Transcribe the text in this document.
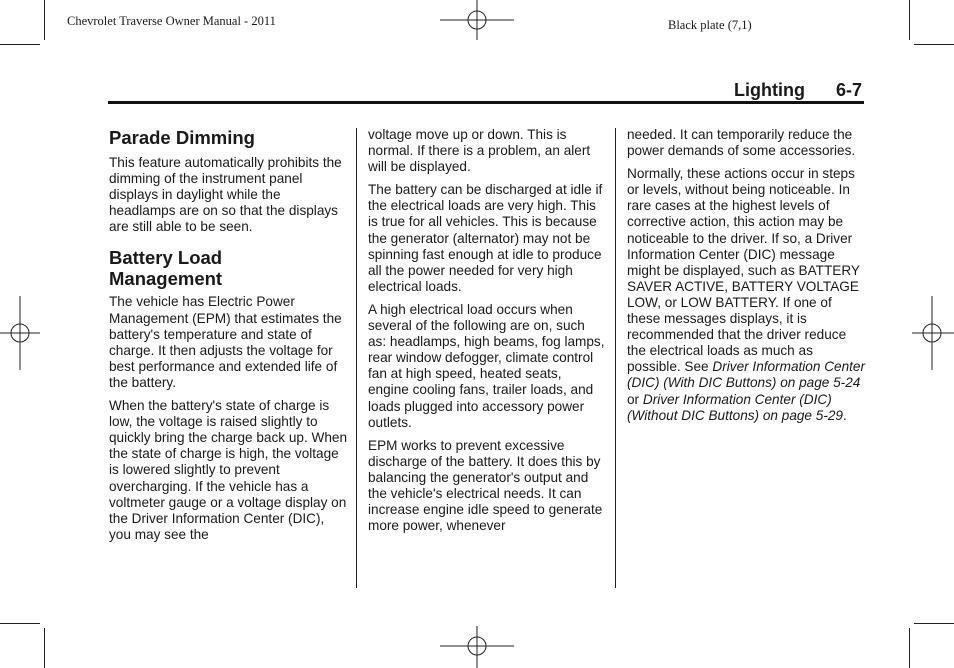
Chevrolet Traverse Owner Manual - 2011	Black plate (7,1)
Lighting 6-7
Parade Dimming

This feature automatically prohibits the dimming of the instrument panel displays in daylight while the headlamps are on so that the displays are still able to be seen.

Battery Load
Management

The vehicle has Electric Power Management (EPM) that estimates the battery's temperature and state of charge. It then adjusts the voltage for best performance and extended life of the battery.

When the battery's state of charge is low, the voltage is raised slightly to quickly bring the charge back up. When the state of charge is high, the voltage is lowered slightly to prevent overcharging. If the vehicle has a voltmeter gauge or a voltage display on the Driver Information Center (DIC), you may see the

voltage move up or down. This is normal. If there is a problem, an alert will be displayed.

The battery can be discharged at idle if the electrical loads are very high. This is true for all vehicles. This is because the generator (alternator) may not be spinning fast enough at idle to produce all the power needed for very high electrical loads.

A high electrical load occurs when several of the following are on, such as: headlamps, high beams, fog lamps, rear window defogger, climate control fan at high speed, heated seats, engine cooling fans, trailer loads, and loads plugged into accessory power outlets.

EPM works to prevent excessive discharge of the battery. It does this by balancing the generator's output and the vehicle's electrical needs. It can increase engine idle speed to generate more power, whenever

needed. It can temporarily reduce the power demands of some accessories.

Normally, these actions occur in steps or levels, without being noticeable. In rare cases at the highest levels of corrective action, this action may be noticeable to the driver. If so, a Driver Information Center (DIC) message might be displayed, such as BATTERY SAVER ACTIVE, BATTERY VOLTAGE LOW, or LOW BATTERY. If one of these messages displays, it is recommended that the driver reduce the electrical loads as much as possible. See Driver Information Center (DIC) (With DIC Buttons) on page 5-24 or Driver Information Center (DIC) (Without DIC Buttons) on page 5-29.
